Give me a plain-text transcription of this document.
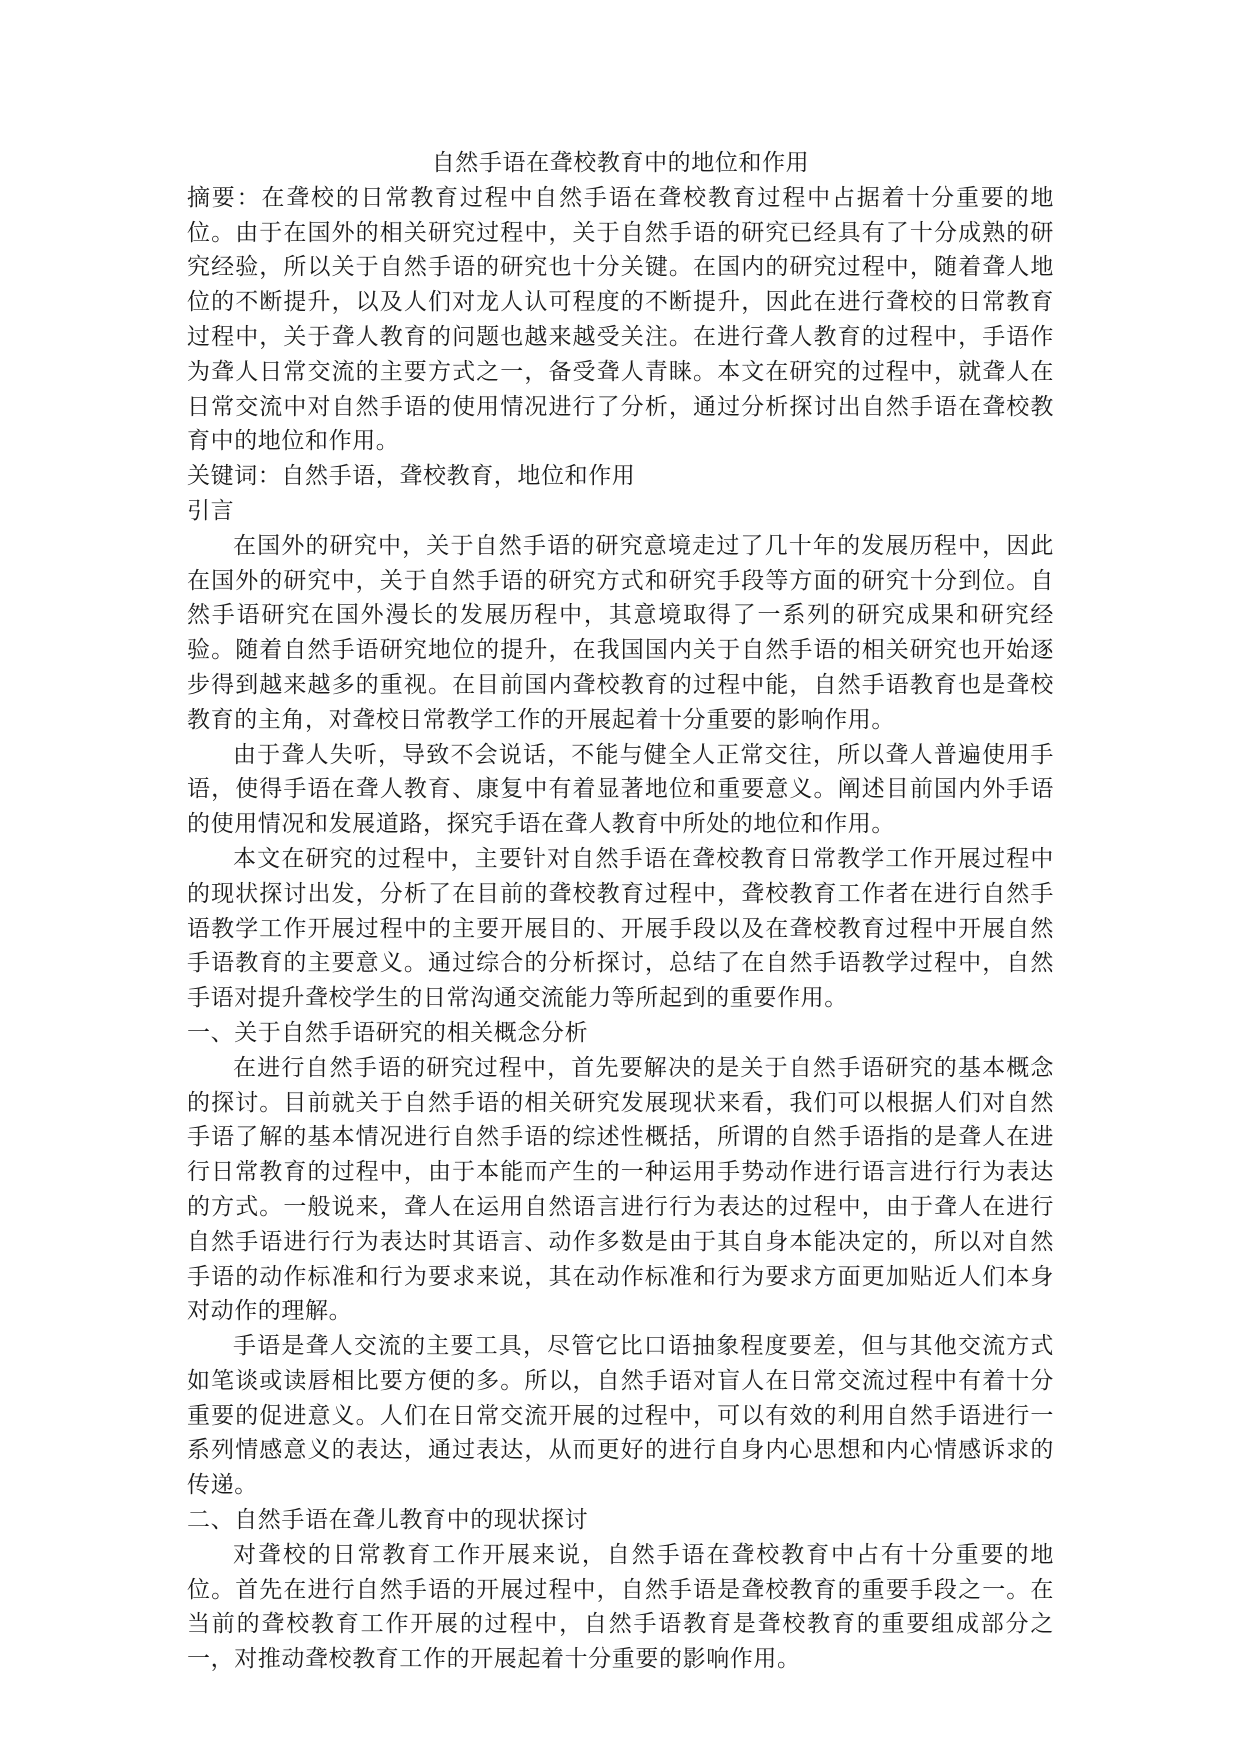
自然手语在聋校教育中的地位和作用

摘要：在聋校的日常教育过程中自然手语在聋校教育过程中占据着十分重要的地位。由于在国外的相关研究过程中，关于自然手语的研究已经具有了十分成熟的研究经验，所以关于自然手语的研究也十分关键。在国内的研究过程中，随着聋人地位的不断提升，以及人们对龙人认可程度的不断提升，因此在进行聋校的日常教育过程中，关于聋人教育的问题也越来越受关注。在进行聋人教育的过程中，手语作为聋人日常交流的主要方式之一，备受聋人青睐。本文在研究的过程中，就聋人在日常交流中对自然手语的使用情况进行了分析，通过分析探讨出自然手语在聋校教育中的地位和作用。

关键词：自然手语，聋校教育，地位和作用

引言

在国外的研究中，关于自然手语的研究意境走过了几十年的发展历程中，因此在国外的研究中，关于自然手语的研究方式和研究手段等方面的研究十分到位。自然手语研究在国外漫长的发展历程中，其意境取得了一系列的研究成果和研究经验。随着自然手语研究地位的提升，在我国国内关于自然手语的相关研究也开始逐步得到越来越多的重视。在目前国内聋校教育的过程中能，自然手语教育也是聋校教育的主角，对聋校日常教学工作的开展起着十分重要的影响作用。

由于聋人失听，导致不会说话，不能与健全人正常交往，所以聋人普遍使用手语，使得手语在聋人教育、康复中有着显著地位和重要意义。阐述目前国内外手语的使用情况和发展道路，探究手语在聋人教育中所处的地位和作用。

本文在研究的过程中，主要针对自然手语在聋校教育日常教学工作开展过程中的现状探讨出发，分析了在目前的聋校教育过程中，聋校教育工作者在进行自然手语教学工作开展过程中的主要开展目的、开展手段以及在聋校教育过程中开展自然手语教育的主要意义。通过综合的分析探讨，总结了在自然手语教学过程中，自然手语对提升聋校学生的日常沟通交流能力等所起到的重要作用。

一、关于自然手语研究的相关概念分析

在进行自然手语的研究过程中，首先要解决的是关于自然手语研究的基本概念的探讨。目前就关于自然手语的相关研究发展现状来看，我们可以根据人们对自然手语了解的基本情况进行自然手语的综述性概括，所谓的自然手语指的是聋人在进行日常教育的过程中，由于本能而产生的一种运用手势动作进行语言进行行为表达的方式。一般说来，聋人在运用自然语言进行行为表达的过程中，由于聋人在进行自然手语进行行为表达时其语言、动作多数是由于其自身本能决定的，所以对自然手语的动作标准和行为要求来说，其在动作标准和行为要求方面更加贴近人们本身对动作的理解。

手语是聋人交流的主要工具，尽管它比口语抽象程度要差，但与其他交流方式如笔谈或读唇相比要方便的多。所以，自然手语对盲人在日常交流过程中有着十分重要的促进意义。人们在日常交流开展的过程中，可以有效的利用自然手语进行一系列情感意义的表达，通过表达，从而更好的进行自身内心思想和内心情感诉求的传递。

二、自然手语在聋儿教育中的现状探讨

对聋校的日常教育工作开展来说，自然手语在聋校教育中占有十分重要的地位。首先在进行自然手语的开展过程中，自然手语是聋校教育的重要手段之一。在当前的聋校教育工作开展的过程中，自然手语教育是聋校教育的重要组成部分之一，对推动聋校教育工作的开展起着十分重要的影响作用。
